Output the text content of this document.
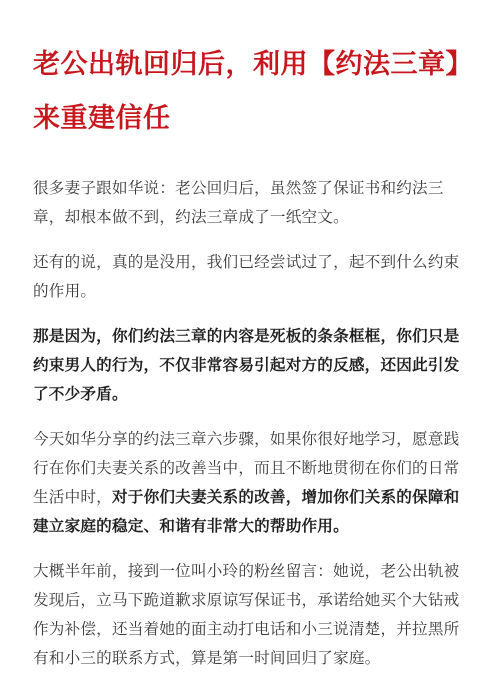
老公出轨回归后，利用【约法三章】来重建信任

很多妻子跟如华说：老公回归后，虽然签了保证书和约法三章，却根本做不到，约法三章成了一纸空文。

还有的说，真的是没用，我们已经尝试过了，起不到什么约束的作用。

那是因为，你们约法三章的内容是死板的条条框框，你们只是约束男人的行为，不仅非常容易引起对方的反感，还因此引发了不少矛盾。

今天如华分享的约法三章六步骤，如果你很好地学习，愿意践行在你们夫妻关系的改善当中，而且不断地贯彻在你们的日常生活中时，对于你们夫妻关系的改善，增加你们关系的保障和建立家庭的稳定、和谐有非常大的帮助作用。

大概半年前，接到一位叫小玲的粉丝留言：她说，老公出轨被发现后，立马下跪道歉求原谅写保证书，承诺给她买个大钻戒作为补偿，还当着她的面主动打电话和小三说清楚，并拉黑所有和小三的联系方式，算是第一时间回归了家庭。
